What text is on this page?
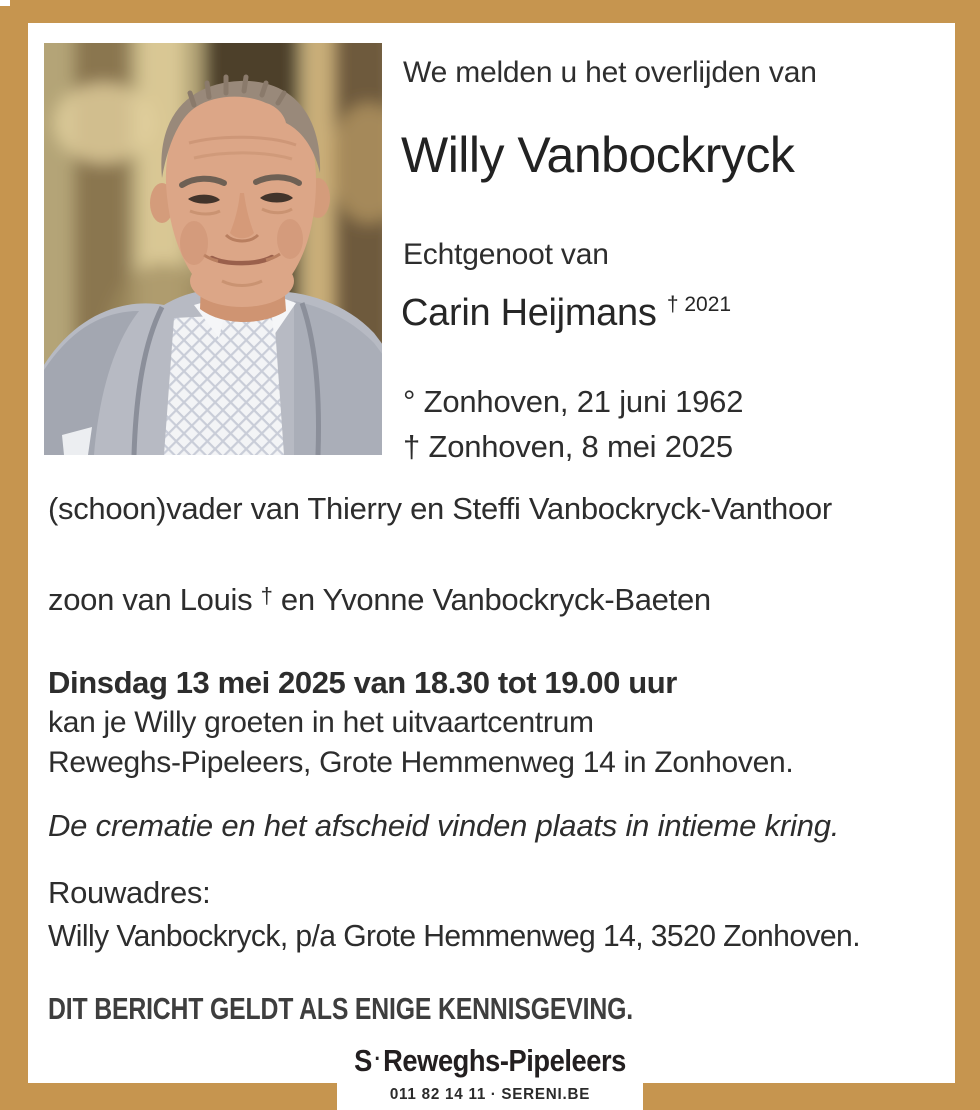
We melden u het overlijden van
Willy Vanbockryck
Echtgenoot van
Carin Heijmans $^{\dagger 2021}$
° Zonhoven, 21 juni 1962
† Zonhoven, 8 mei 2025
(schoon)vader van Thierry en Steffi Vanbockryck-Vanthoor
zoon van Louis † en Yvonne Vanbockryck-Baeten
Dinsdag 13 mei 2025 van 18.30 tot 19.00 uur
kan je Willy groeten in het uitvaartcentrum
Reweghs-Pipeleers, Grote Hemmenweg 14 in Zonhoven.
De crematie en het afscheid vinden plaats in intieme kring.
Rouwadres:
Willy Vanbockryck, p/a Grote Hemmenweg 14, 3520 Zonhoven.
DIT BERICHT GELDT ALS ENIGE KENNISGEVING.
S ·Reweghs-Pipeleers
011 82 14 11 · SERENI.BE
